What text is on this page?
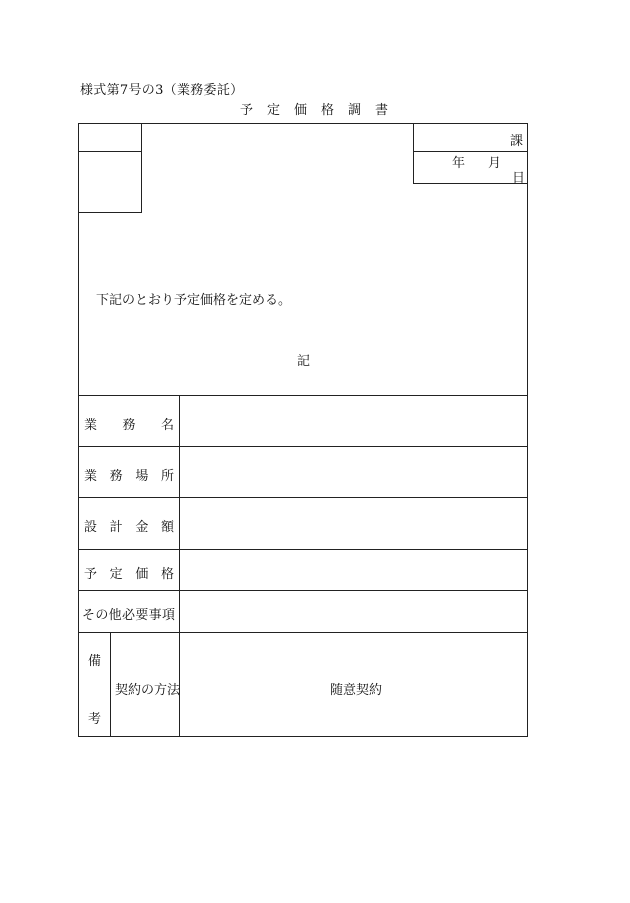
様式第7号の3（業務委託）
予定価格調書
課
年 月
日
下記のとおり予定価格を定める。
記
業 務 名
業 務 場 所
設 計 金 額
予 定 価 格
そ の 他 必 要 事 項
備
考
契約の方法	随意契約
